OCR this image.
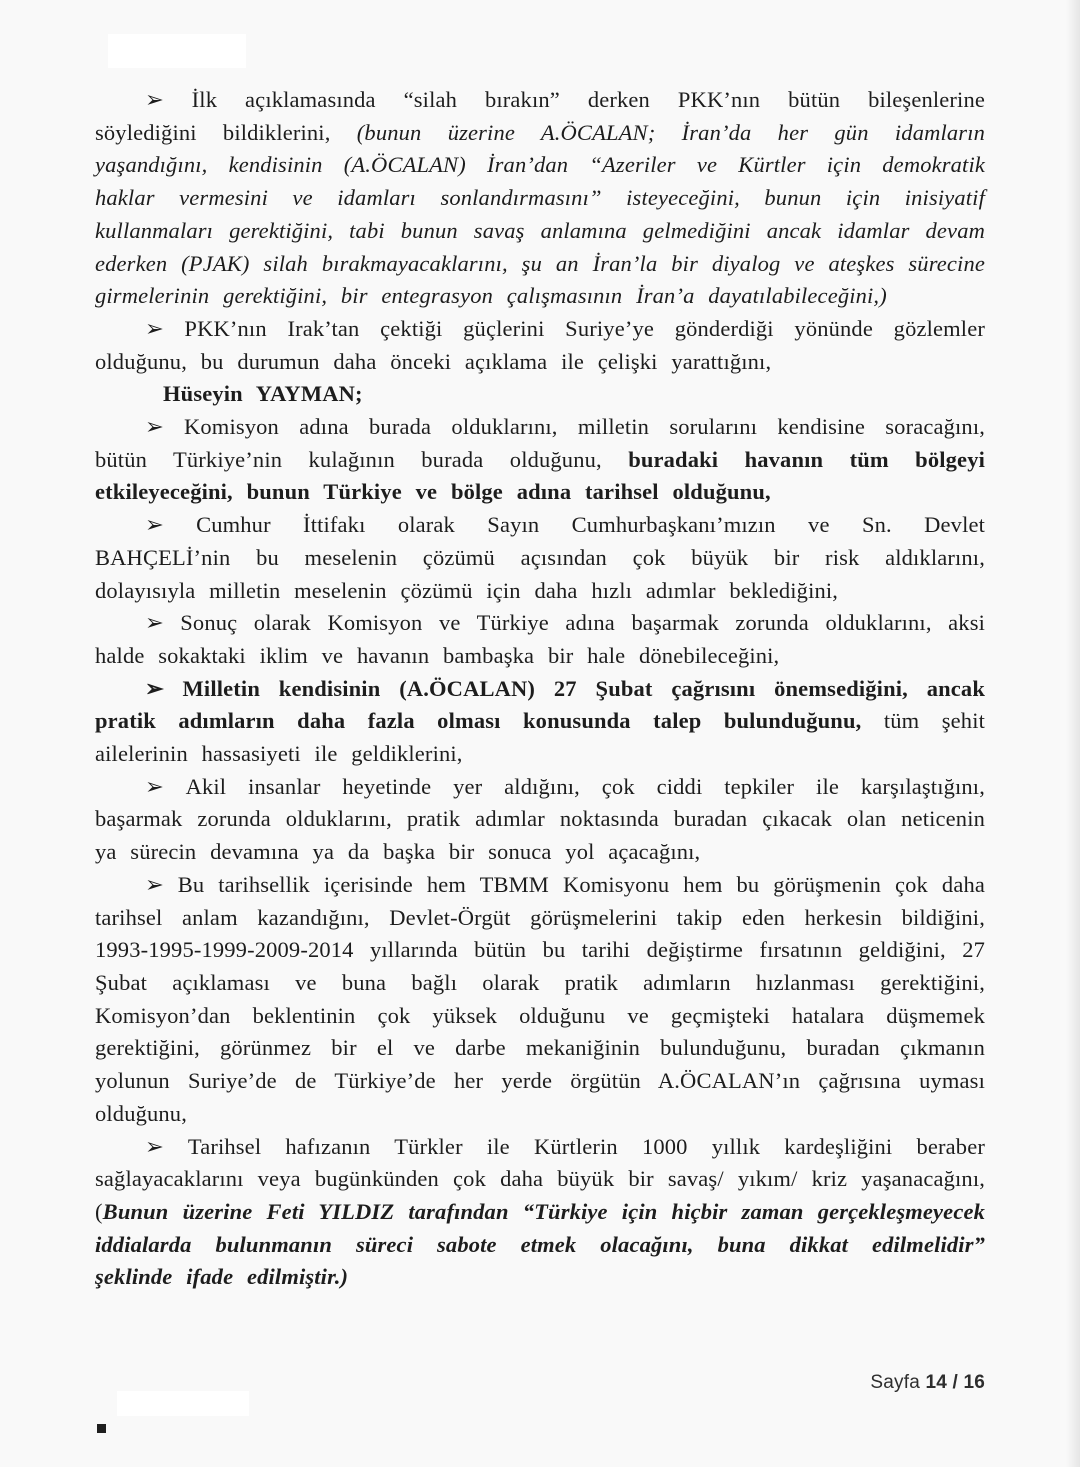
➢ İlk açıklamasında “silah bırakın” derken PKK’nın bütün bileşenlerine söylediğini bildiklerini, (bunun üzerine A.ÖCALAN; İran’da her gün idamların yaşandığını, kendisinin (A.ÖCALAN) İran’dan “Azeriler ve Kürtler için demokratik haklar vermesini ve idamları sonlandırmasını” isteyeceğini, bunun için inisiyatif kullanmaları gerektiğini, tabi bunun savaş anlamına gelmediğini ancak idamlar devam ederken (PJAK) silah bırakmayacaklarını, şu an İran’la bir diyalog ve ateşkes sürecine girmelerinin gerektiğini, bir entegrasyon çalışmasının İran’a dayatılabileceğini,)

➢ PKK’nın Irak’tan çektiği güçlerini Suriye’ye gönderdiği yönünde gözlemler olduğunu, bu durumun daha önceki açıklama ile çelişki yarattığını,

Hüseyin YAYMAN;

➢ Komisyon adına burada olduklarını, milletin sorularını kendisine soracağını, bütün Türkiye’nin kulağının burada olduğunu, buradaki havanın tüm bölgeyi etkileyeceğini, bunun Türkiye ve bölge adına tarihsel olduğunu,

➢ Cumhur İttifakı olarak Sayın Cumhurbaşkanı’mızın ve Sn. Devlet BAHÇELİ’nin bu meselenin çözümü açısından çok büyük bir risk aldıklarını, dolayısıyla milletin meselenin çözümü için daha hızlı adımlar beklediğini,

➢ Sonuç olarak Komisyon ve Türkiye adına başarmak zorunda olduklarını, aksi halde sokaktaki iklim ve havanın bambaşka bir hale dönebileceğini,

➢ Milletin kendisinin (A.ÖCALAN) 27 Şubat çağrısını önemsediğini, ancak pratik adımların daha fazla olması konusunda talep bulunduğunu, tüm şehit ailelerinin hassasiyeti ile geldiklerini,

➢ Akil insanlar heyetinde yer aldığını, çok ciddi tepkiler ile karşılaştığını, başarmak zorunda olduklarını, pratik adımlar noktasında buradan çıkacak olan neticenin ya sürecin devamına ya da başka bir sonuca yol açacağını,

➢ Bu tarihsellik içerisinde hem TBMM Komisyonu hem bu görüşmenin çok daha tarihsel anlam kazandığını, Devlet-Örgüt görüşmelerini takip eden herkesin bildiğini, 1993-1995-1999-2009-2014 yıllarında bütün bu tarihi değiştirme fırsatının geldiğini, 27 Şubat açıklaması ve buna bağlı olarak pratik adımların hızlanması gerektiğini, Komisyon’dan beklentinin çok yüksek olduğunu ve geçmişteki hatalara düşmemek gerektiğini, görünmez bir el ve darbe mekaniğinin bulunduğunu, buradan çıkmanın yolunun Suriye’de de Türkiye’de her yerde örgütün A.ÖCALAN’ın çağrısına uyması olduğunu,

➢ Tarihsel hafızanın Türkler ile Kürtlerin 1000 yıllık kardeşliğini beraber sağlayacaklarını veya bugünkünden çok daha büyük bir savaş/ yıkım/ kriz yaşanacağını, (Bunun üzerine Feti YILDIZ tarafından “Türkiye için hiçbir zaman gerçekleşmeyecek iddialarda bulunmanın süreci sabote etmek olacağını, buna dikkat edilmelidir” şeklinde ifade edilmiştir.)

Sayfa 14 / 16
